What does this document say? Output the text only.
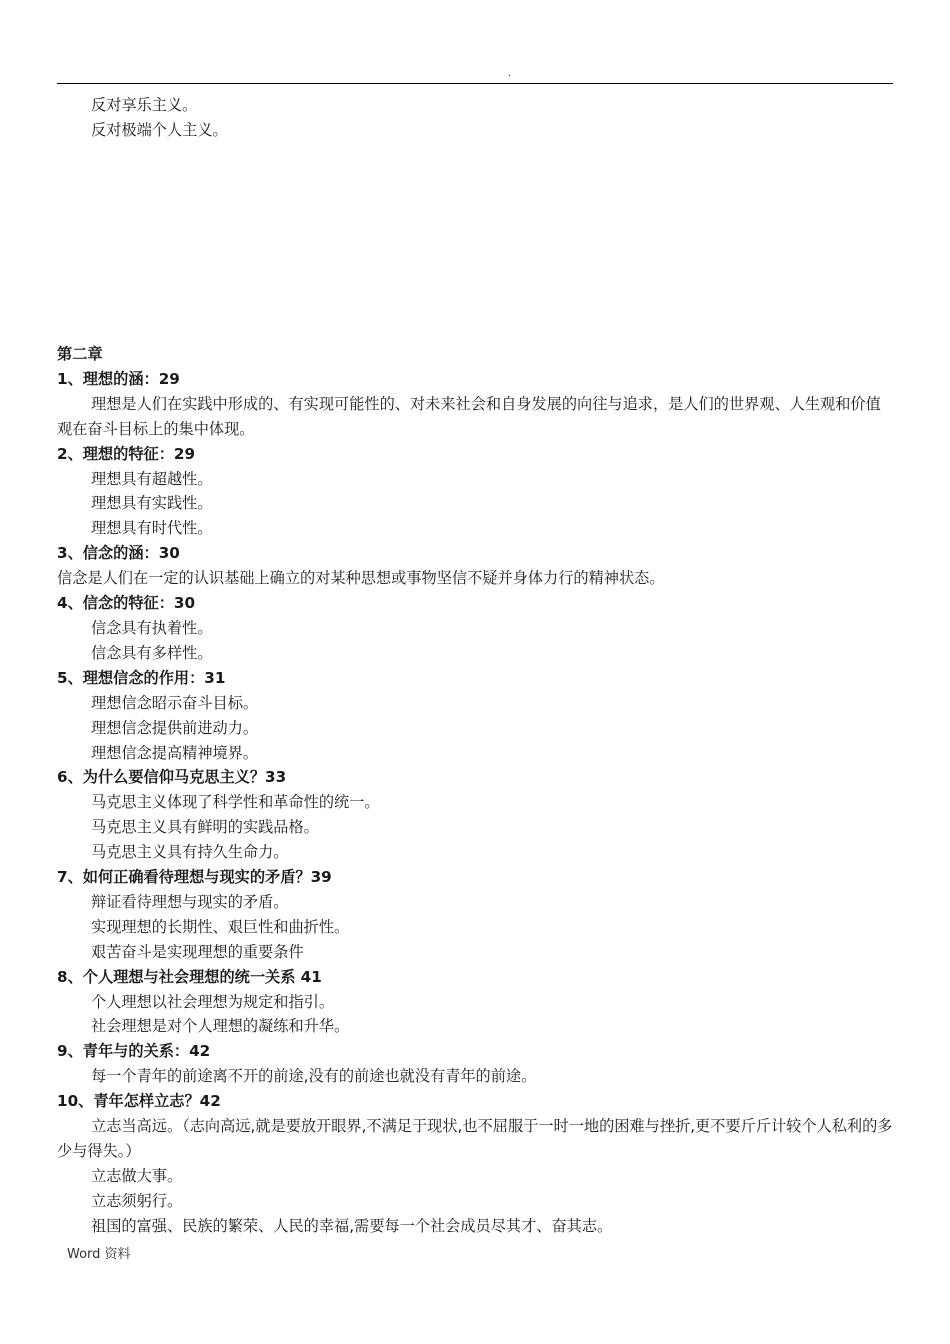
.
反对享乐主义。
反对极端个人主义。
第二章
1、理想的涵：29
理想是人们在实践中形成的、有实现可能性的、对未来社会和自身发展的向往与追求，是人们的世界观、人生观和价值观在奋斗目标上的集中体现。
2、理想的特征：29
理想具有超越性。
理想具有实践性。
理想具有时代性。
3、信念的涵：30
信念是人们在一定的认识基础上确立的对某种思想或事物坚信不疑并身体力行的精神状态。
4、信念的特征：30
信念具有执着性。
信念具有多样性。
5、理想信念的作用：31
理想信念昭示奋斗目标。
理想信念提供前进动力。
理想信念提高精神境界。
6、为什么要信仰马克思主义？33
马克思主义体现了科学性和革命性的统一。
马克思主义具有鲜明的实践品格。
马克思主义具有持久生命力。
7、如何正确看待理想与现实的矛盾？39
辩证看待理想与现实的矛盾。
实现理想的长期性、艰巨性和曲折性。
艰苦奋斗是实现理想的重要条件
8、个人理想与社会理想的统一关系 41
个人理想以社会理想为规定和指引。
社会理想是对个人理想的凝练和升华。
9、青年与的关系：42
每一个青年的前途离不开的前途,没有的前途也就没有青年的前途。
10、青年怎样立志？42
立志当高远。（志向高远,就是要放开眼界,不满足于现状,也不屈服于一时一地的困难与挫折,更不要斤斤计较个人私利的多少与得失。）
立志做大事。
立志须躬行。
祖国的富强、民族的繁荣、人民的幸福,需要每一个社会成员尽其才、奋其志。
Word 资料
